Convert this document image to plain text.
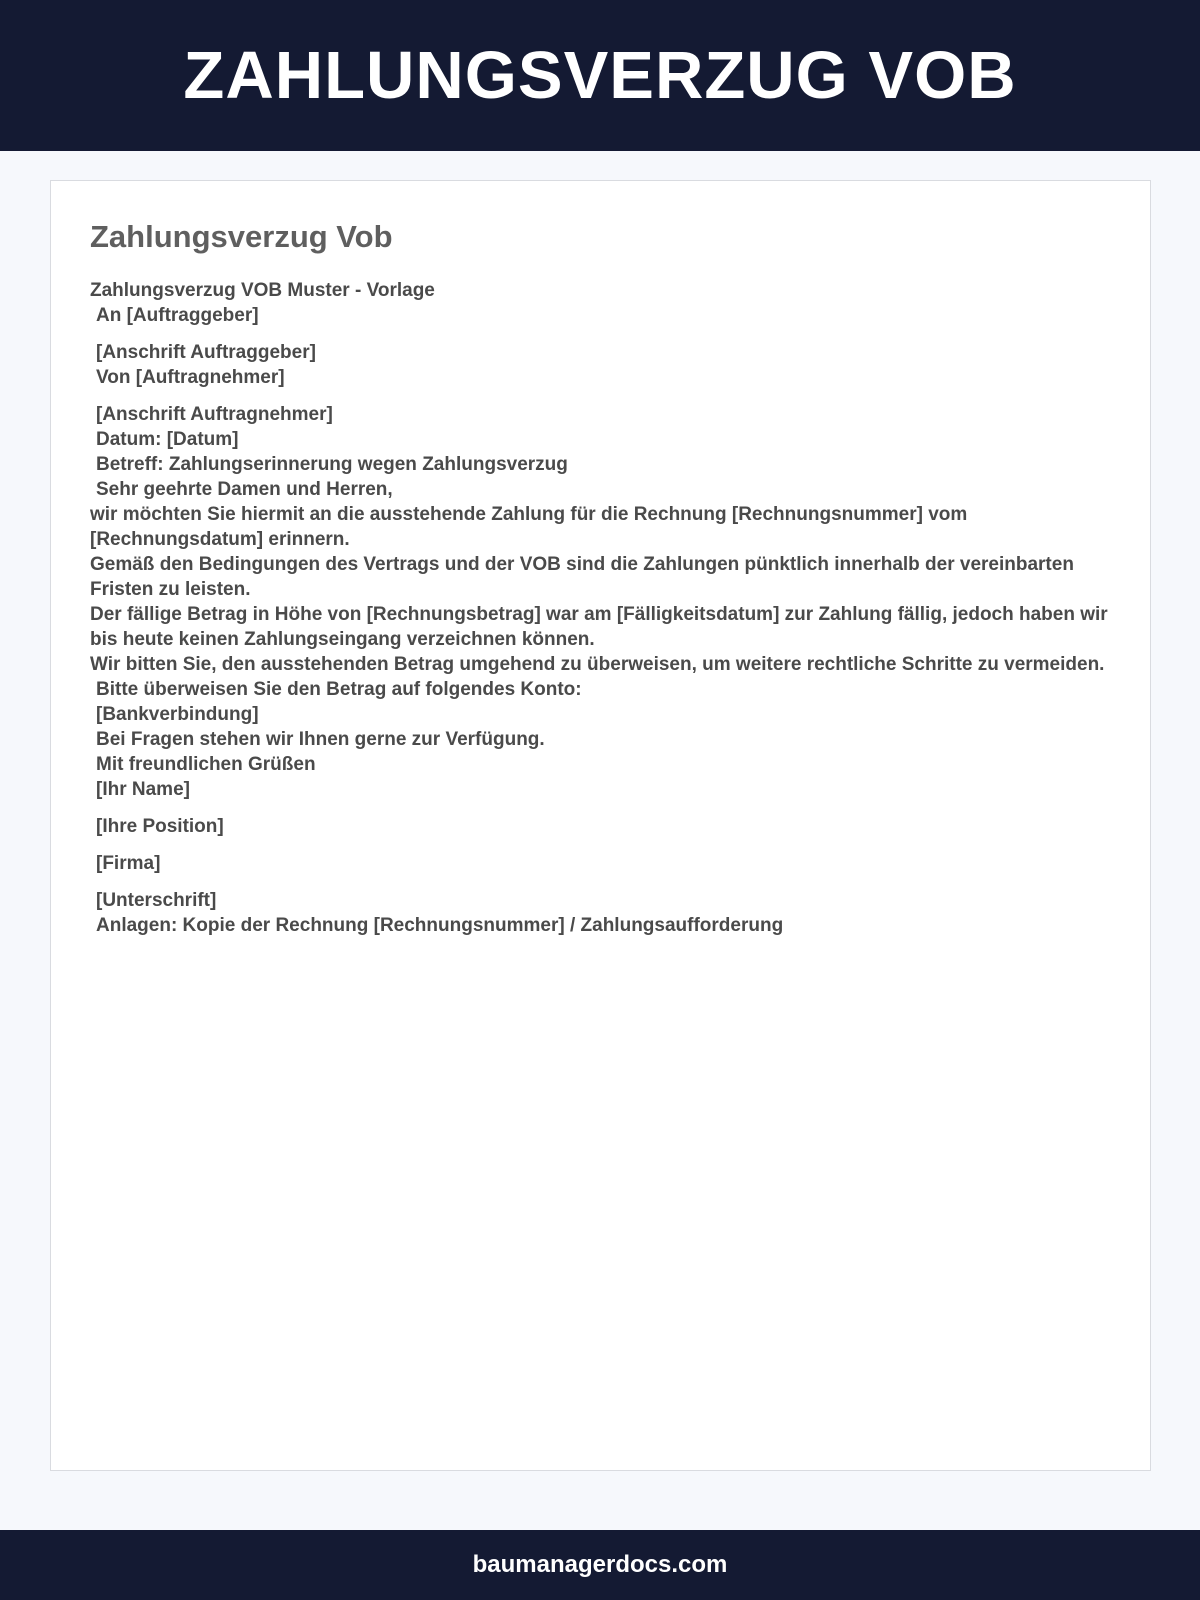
ZAHLUNGSVERZUG VOB
Zahlungsverzug Vob
Zahlungsverzug VOB Muster - Vorlage
An [Auftraggeber]
[Anschrift Auftraggeber]
Von [Auftragnehmer]
[Anschrift Auftragnehmer]
Datum: [Datum]
Betreff: Zahlungserinnerung wegen Zahlungsverzug
Sehr geehrte Damen und Herren,
wir möchten Sie hiermit an die ausstehende Zahlung für die Rechnung [Rechnungsnummer] vom [Rechnungsdatum] erinnern.
Gemäß den Bedingungen des Vertrags und der VOB sind die Zahlungen pünktlich innerhalb der vereinbarten Fristen zu leisten.
Der fällige Betrag in Höhe von [Rechnungsbetrag] war am [Fälligkeitsdatum] zur Zahlung fällig, jedoch haben wir bis heute keinen Zahlungseingang verzeichnen können.
Wir bitten Sie, den ausstehenden Betrag umgehend zu überweisen, um weitere rechtliche Schritte zu vermeiden.
Bitte überweisen Sie den Betrag auf folgendes Konto:
[Bankverbindung]
Bei Fragen stehen wir Ihnen gerne zur Verfügung.
Mit freundlichen Grüßen
[Ihr Name]
[Ihre Position]
[Firma]
[Unterschrift]
Anlagen: Kopie der Rechnung [Rechnungsnummer] / Zahlungsaufforderung
baumanagerdocs.com
